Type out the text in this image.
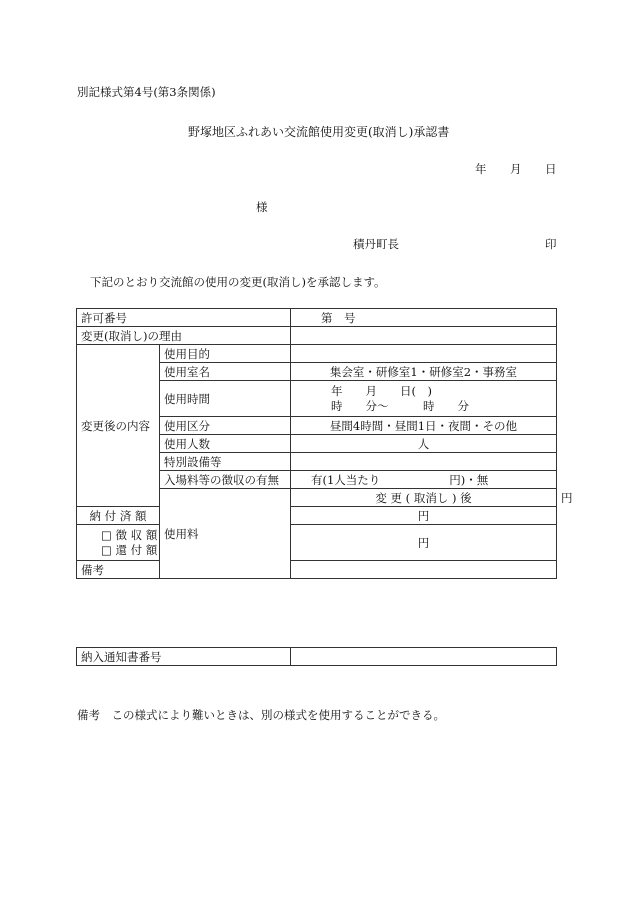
別記様式第4号(第3条関係)
野塚地区ふれあい交流館使用変更(取消し)承認書
年 月 日
様
積丹町長	印
下記のとおり交流館の使用の変更(取消し)を承認します。
許可番号		第　号	
変更(取消し)の理由			
変更後の内容	使用目的		
	使用室名	集会室・研修室1・研修室2・事務室	
	使用時間	年　　月　　日(　)
時　　分～　　　時　　分	

	使用区分	昼間4時間・昼間1日・夜間・その他	
	使用人数	人	
	特別設備等		
	入場料等の徴収の有無	有(1人当たり　　　　　　円)・無	
	使用料	変 更 ( 取消し ) 後	円
納 付 済 額		円	

□ 徴 収 額
□ 還 付 額		円	
備考			
納入通知書番号	
備考　この様式により難いときは、別の様式を使用することができる。
